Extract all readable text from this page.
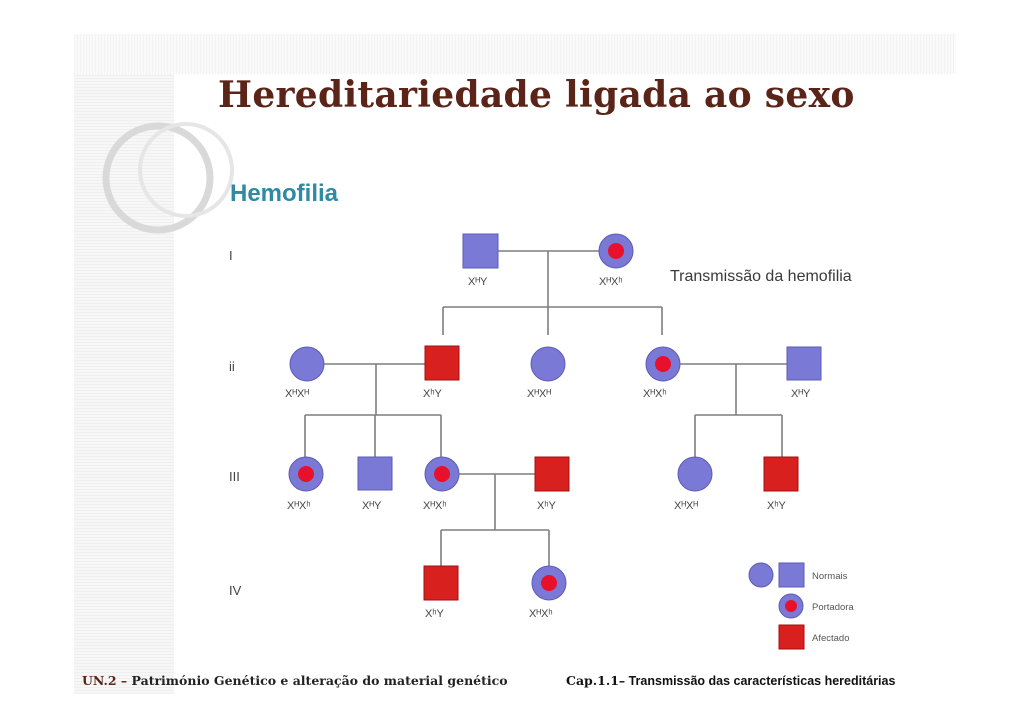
Hereditariedade ligada ao sexo
Hemofilia
I
ii
III
IV
XᴴY	XᴴXʰ
XᴴXᴴ	XʰY	XᴴXᴴ	XᴴXʰ	XᴴY
XᴴXʰ	XᴴY	XᴴXʰ	XʰY	XᴴXᴴ	XʰY
XʰY	XᴴXʰ
Normais
Portadora
Afectado
Transmissão da hemofilia
UN.2 – Património Genético e alteração do material genético	Cap.1.1– Transmissão das características hereditárias
